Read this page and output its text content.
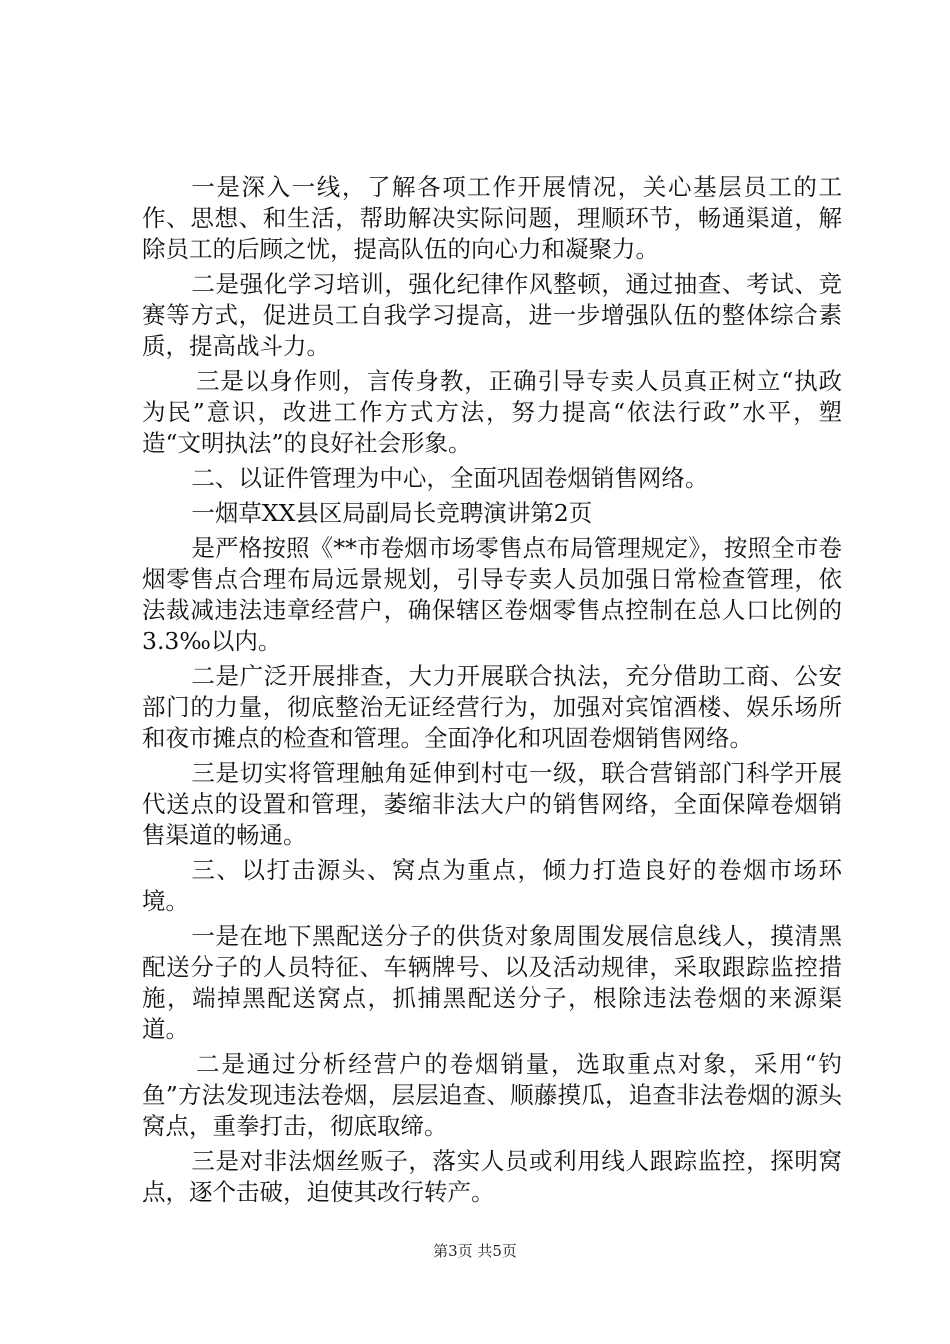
一是深入一线，了解各项工作开展情况，关心基层员工的工作、思想、和生活，帮助解决实际问题，理顺环节，畅通渠道，解除员工的后顾之忧，提高队伍的向心力和凝聚力。

二是强化学习培训，强化纪律作风整顿，通过抽查、考试、竞赛等方式，促进员工自我学习提高，进一步增强队伍的整体综合素质，提高战斗力。

三是以身作则，言传身教，正确引导专卖人员真正树立“执政为民”意识，改进工作方式方法，努力提高“依法行政”水平，塑造“文明执法”的良好社会形象。

二、以证件管理为中心，全面巩固卷烟销售网络。

一烟草XX县区局副局长竞聘演讲第2页

是严格按照《**市卷烟市场零售点布局管理规定》，按照全市卷烟零售点合理布局远景规划，引导专卖人员加强日常检查管理，依法裁减违法违章经营户，确保辖区卷烟零售点控制在总人口比例的3.3‰以内。

二是广泛开展排查，大力开展联合执法，充分借助工商、公安部门的力量，彻底整治无证经营行为，加强对宾馆酒楼、娱乐场所和夜市摊点的检查和管理。全面净化和巩固卷烟销售网络。

三是切实将管理触角延伸到村屯一级，联合营销部门科学开展代送点的设置和管理，萎缩非法大户的销售网络，全面保障卷烟销售渠道的畅通。

三、以打击源头、窝点为重点，倾力打造良好的卷烟市场环境。

一是在地下黑配送分子的供货对象周围发展信息线人，摸清黑配送分子的人员特征、车辆牌号、以及活动规律，采取跟踪监控措施，端掉黑配送窝点，抓捕黑配送分子，根除违法卷烟的来源渠道。

二是通过分析经营户的卷烟销量，选取重点对象，采用“钓鱼”方法发现违法卷烟，层层追查、顺藤摸瓜，追查非法卷烟的源头窝点，重拳打击，彻底取缔。

三是对非法烟丝贩子，落实人员或利用线人跟踪监控，探明窝点，逐个击破，迫使其改行转产。

第3页 共5页
